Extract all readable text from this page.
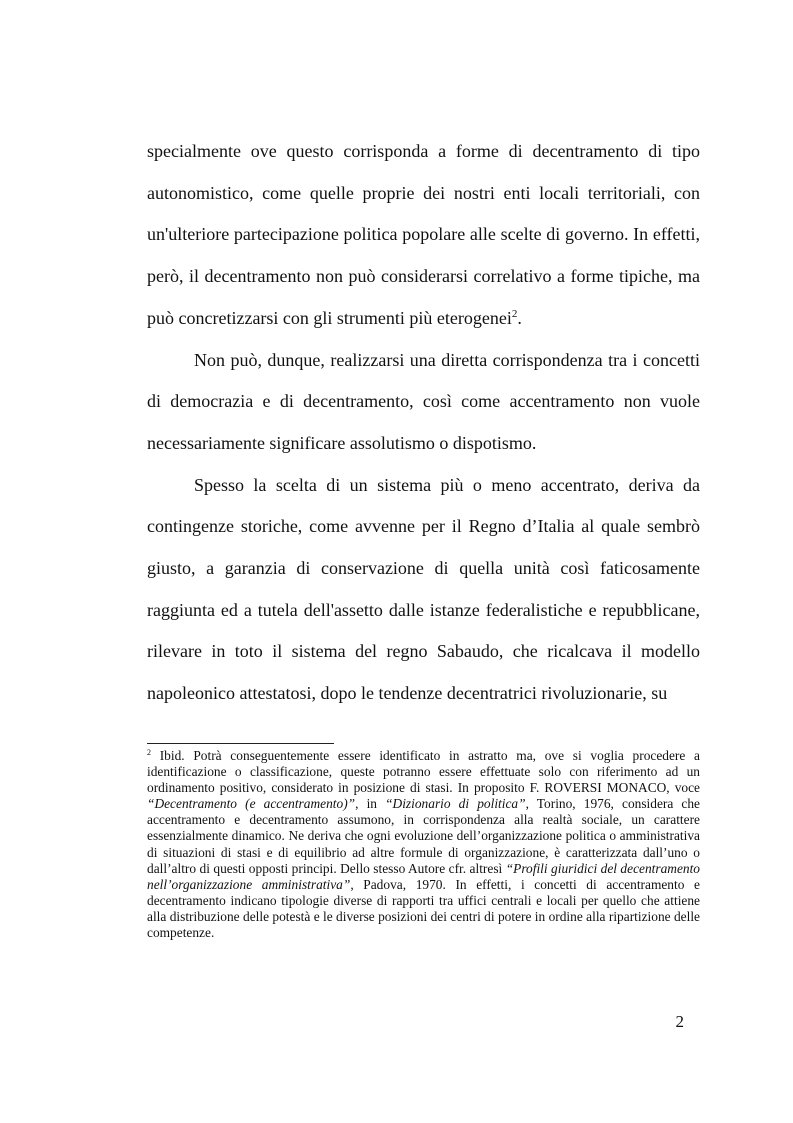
specialmente ove questo corrisponda a forme di decentramento di tipo autonomistico, come quelle proprie dei nostri enti locali territoriali, con un'ulteriore partecipazione politica popolare alle scelte di governo. In effetti, però, il decentramento non può considerarsi correlativo a forme tipiche, ma può concretizzarsi con gli strumenti più eterogenei$^2$.

Non può, dunque, realizzarsi una diretta corrispondenza tra i concetti di democrazia e di decentramento, così come accentramento non vuole necessariamente significare assolutismo o dispotismo.

Spesso la scelta di un sistema più o meno accentrato, deriva da contingenze storiche, come avvenne per il Regno d’Italia al quale sembrò giusto, a garanzia di conservazione di quella unità così faticosamente raggiunta ed a tutela dell'assetto dalle istanze federalistiche e repubblicane, rilevare in toto il sistema del regno Sabaudo, che ricalcava il modello napoleonico attestatosi, dopo le tendenze decentratrici rivoluzionarie, su

$^2$ Ibid. Potrà conseguentemente essere identificato in astratto ma, ove si voglia procedere a identificazione o classificazione, queste potranno essere effettuate solo con riferimento ad un ordinamento positivo, considerato in posizione di stasi. In proposito F. ROVERSI MONACO, voce “Decentramento (e accentramento)”, in “Dizionario di politica”, Torino, 1976, considera che accentramento e decentramento assumono, in corrispondenza alla realtà sociale, un carattere essenzialmente dinamico. Ne deriva che ogni evoluzione dell’organizzazione politica o amministrativa di situazioni di stasi e di equilibrio ad altre formule di organizzazione, è caratterizzata dall’uno o dall’altro di questi opposti principi. Dello stesso Autore cfr. altresì “Profili giuridici del decentramento nell’organizzazione amministrativa”, Padova, 1970. In effetti, i concetti di accentramento e decentramento indicano tipologie diverse di rapporti tra uffici centrali e locali per quello che attiene alla distribuzione delle potestà e le diverse posizioni dei centri di potere in ordine alla ripartizione delle competenze.

2
